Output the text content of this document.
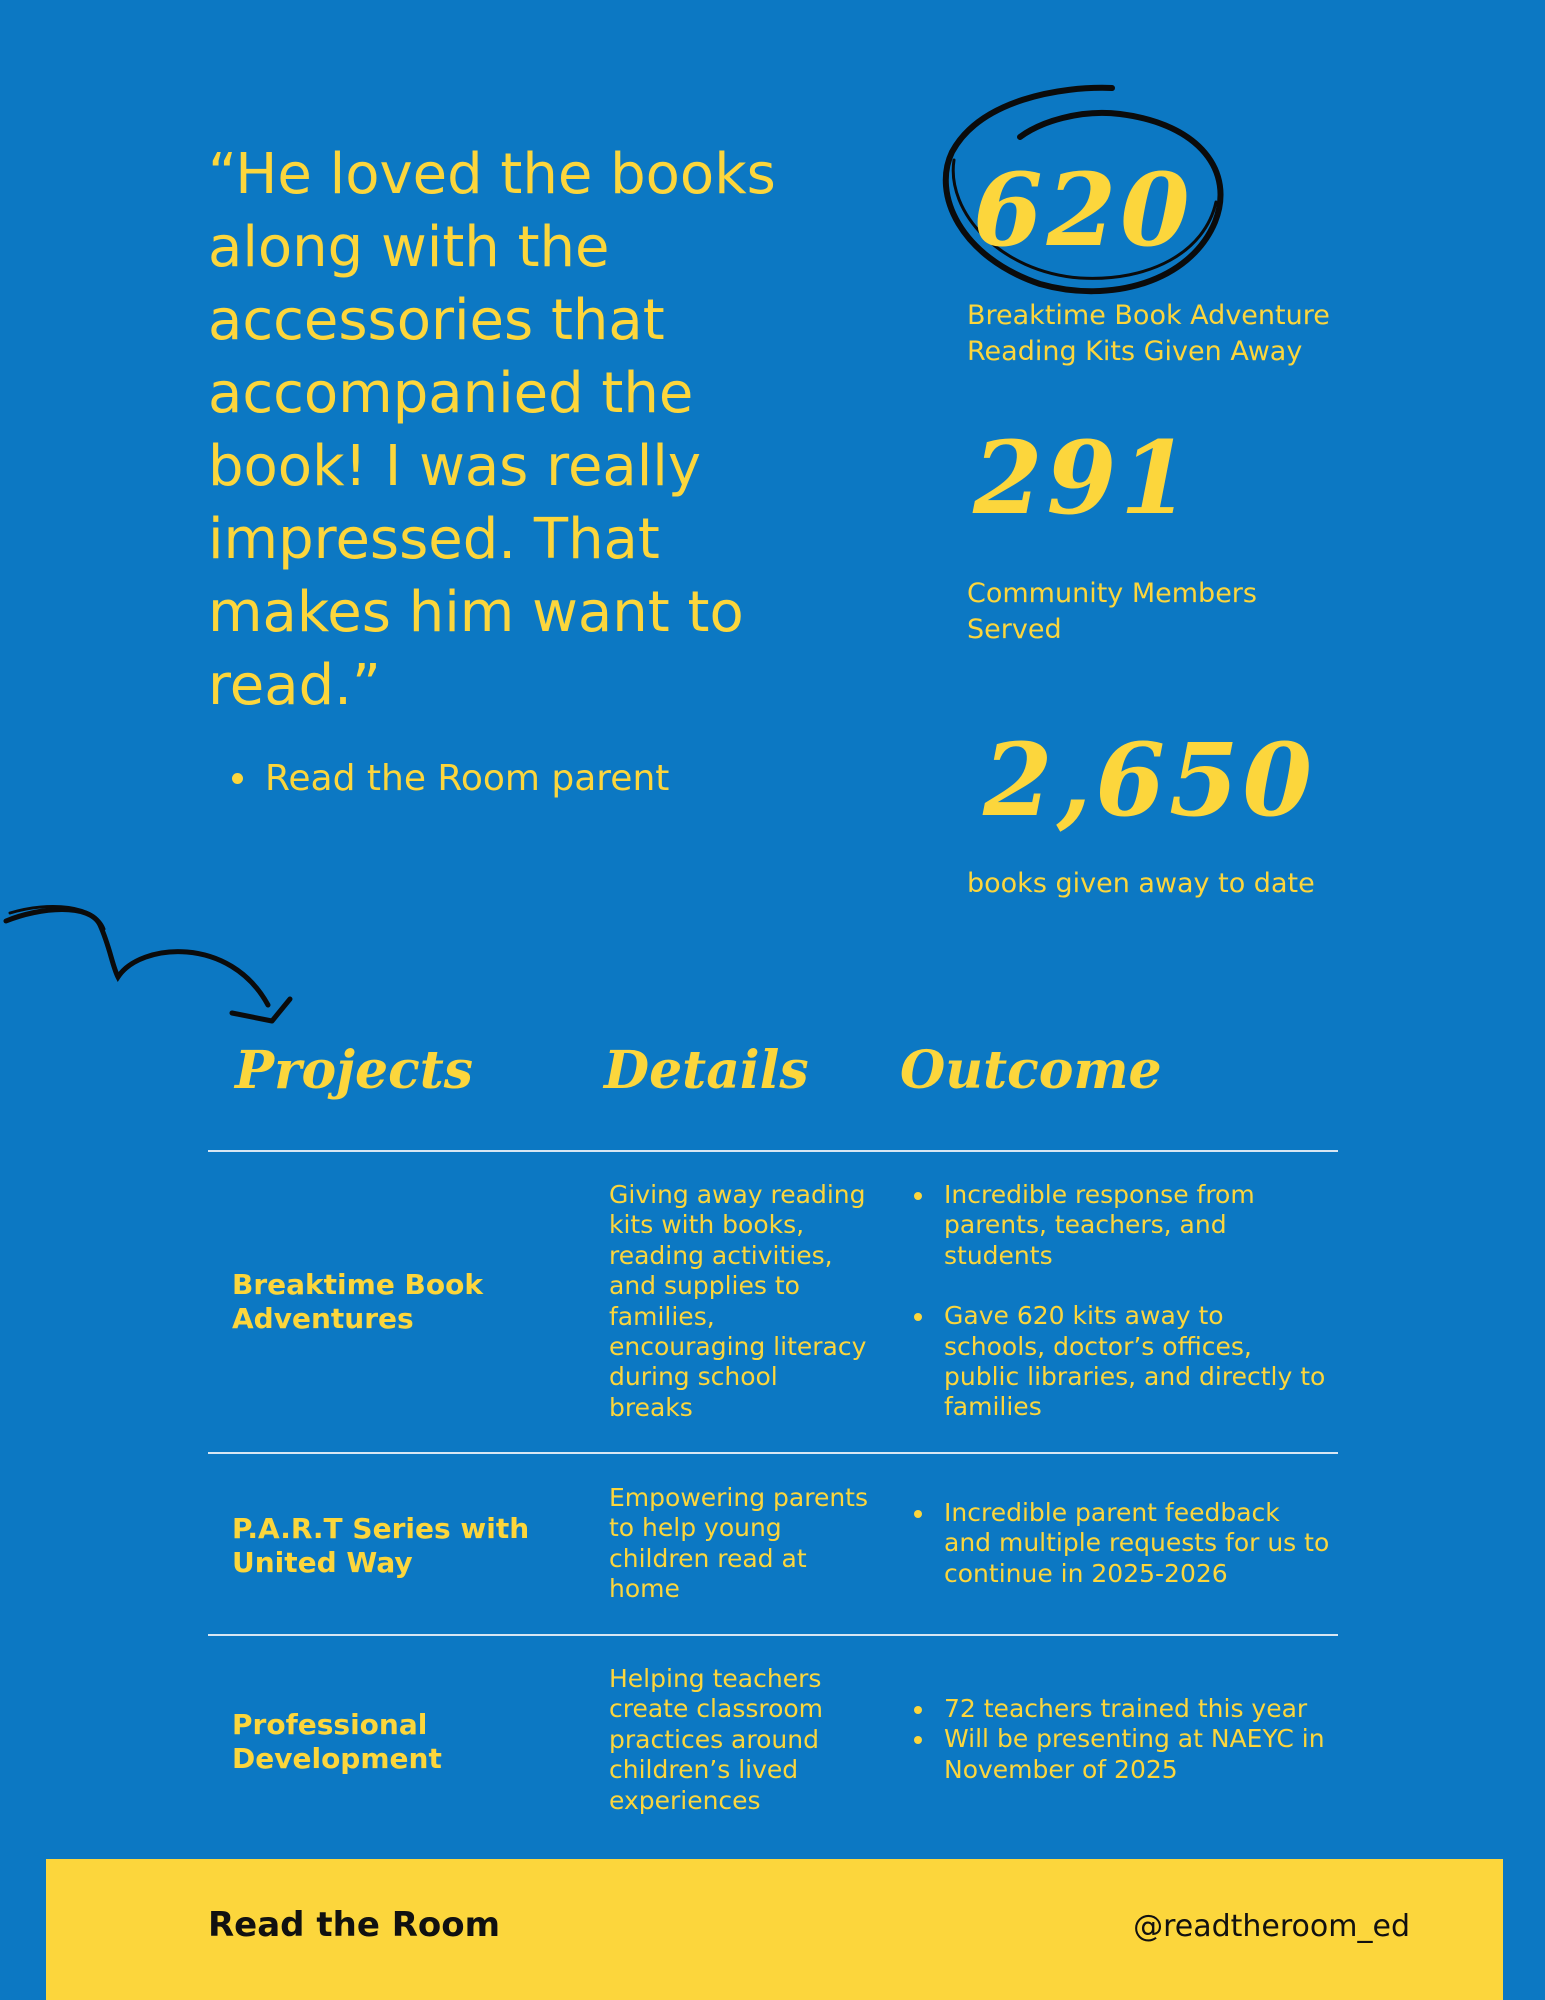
“He loved the books along with the accessories that accompanied the book! I was really impressed. That makes him want to read.”

Read the Room parent
620
Breaktime Book Adventure Reading Kits Given Away
291
Community Members Served
2,650
books given away to date
Projects	Details Outcome
Breaktime Book Adventures
Giving away reading kits with books, reading activities, and supplies to families, encouraging literacy during school breaks
Incredible response from parents, teachers, and students
Gave 620 kits away to schools, doctor’s offices, public libraries, and directly to families
P.A.R.T Series with United Way
Empowering parents to help young children read at home
Incredible parent feedback and multiple requests for us to continue in 2025-2026
Professional Development
Helping teachers create classroom practices around children’s lived experiences
72 teachers trained this year
Will be presenting at NAEYC in November of 2025
Read the Room	@readtheroom_ed
